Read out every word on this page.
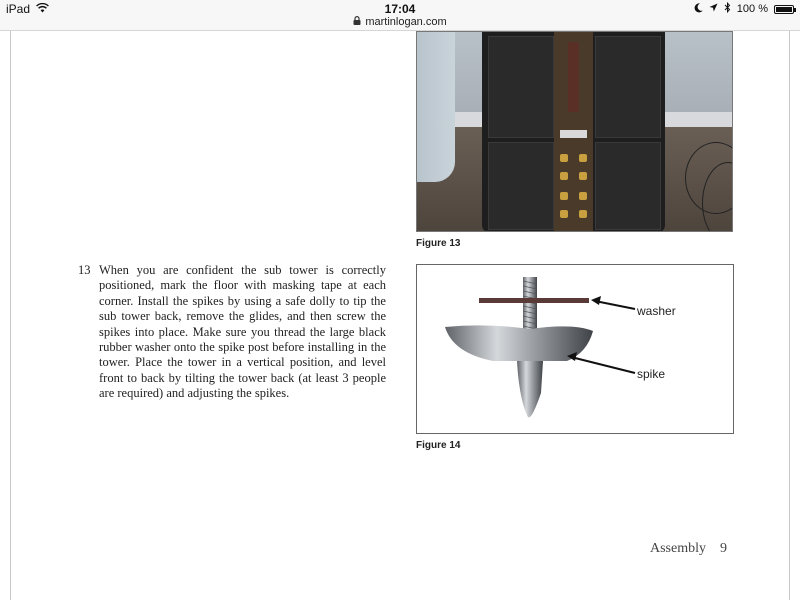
iPad	17:04
martinlogan.com
100 %
Figure 13
13 When you are confident the sub tower is correctly positioned, mark the floor with masking tape at each corner. Install the spikes by using a safe dolly to tip the sub tower back, remove the glides, and then screw the spikes into place. Make sure you thread the large black rubber washer onto the spike post before installing in the tower. Place the tower in a vertical position, and level front to back by tilting the tower back (at least 3 people are required) and adjusting the spikes.
washer
spike
Figure 14
Assembly 9
